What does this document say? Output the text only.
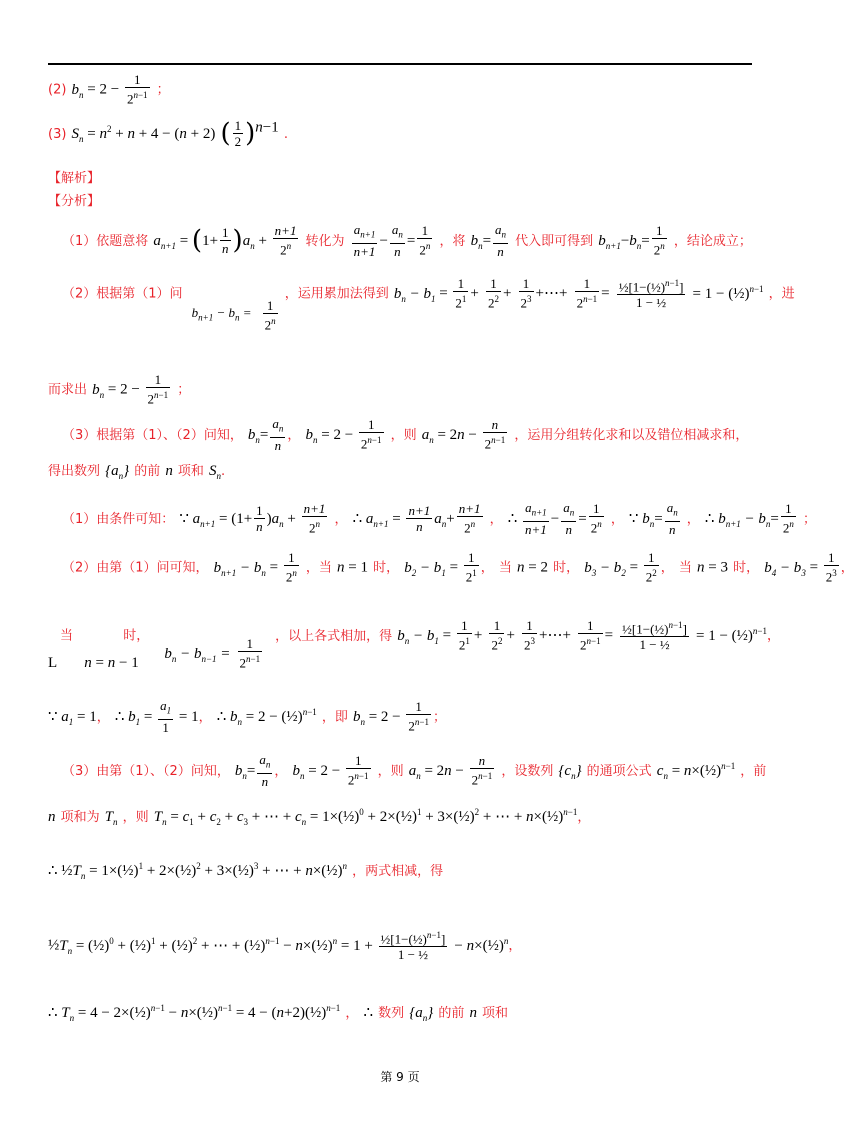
(2) $b_n = 2 - \frac{1}{2^{n-1}}$ ；
(3) $S_n = n^2 + n + 4 - (n + 2)$ ( $\frac{1}{2} )^{n-1}$ .
【解析】
【分析】
（1）依题意将 $a_{n+1} = (1+ \frac{1}{n} )a_n + \frac{n+1}{2^n}$ 转化为 $\frac{a_{n+1}}{n+1} - \frac{a_n}{n} = \frac{1}{2^n}$ ，将 $b_n= \frac{a_n}{n}$ 代入即可得到 $b_{n+1}-b_n= \frac{1}{2^n}$ ，结论成立；
（2）根据第（1）问
$b_{n+1} - b_n$ =
$\frac{1}{2^n}$
，运用累加法得到 $b_n - b_1 = \frac{1}{2^1} + \frac{1}{2^2} + \frac{1}{2^3}$ +⋯+ $\frac{1}{2^{n-1}} = \frac{\frac{1}{2}[1-(\frac{1}{2})^{n-1}]}{\text{1 − ½}} = 1$ − (½)$^{n-1}$ ，进
而求出 $b_n = 2 - \frac{1}{2^{n-1}}$ ；
（3）根据第（1）、（2）问知， $b_n= \frac{a_n}{n}$ ， $b_n = 2 - \frac{1}{2^{n-1}}$ ，则 $a_n = 2n - \frac{n}{2^{n-1}}$ ，运用分组转化求和以及错位相减求和，
得出数列 $\{a_n\}$ 的前 n 项和 $S_n$.
（1）由条件可知： ∵ $a_{n+1} = (1+ \frac{1}{n} )a_n + \frac{n+1}{2^n}$ ， ∴ $a_{n+1} = \frac{n+1}{n} a_n+ \frac{n+1}{2^n}$ ， ∴ $\frac{a_{n+1}}{n+1} - \frac{a_n}{n} = \frac{1}{2^n}$ ， ∵ $b_n= \frac{a_n}{n}$ ， ∴ $b_{n+1} - b_n= \frac{1}{2^n}$ ；
（2）由第（1）问可知， $b_{n+1} - b_n = \frac{1}{2^n}$ ，当 n = 1 时， $b_2 - b_1 = \frac{1}{2^1}$ ， 当 n = 2 时， $b_3 - b_2 = \frac{1}{2^2}$ ， 当 n = 3 时， $b_4 - b_3 = \frac{1}{2^3}$ ，
当	时， $b_n - b_{n-1} = \frac{1}{2^{n-1}}$ ，以上各式相加，得 $b_n - b_1 = \frac{1}{2^1} + \frac{1}{2^2} + \frac{1}{2^3}$ +⋯+ $\frac{1}{2^{n-1}} = \frac{\frac{1}{2}[1-(\frac{1}{2})^{n-1}]}{\text{1 − ½}} = 1$ − (½)$^{n-1}$，
L n = n − 1
∵ $a_1 = 1$， ∴ $b_1 = \frac{a_1}{1} = 1$， ∴ $b_n = 2$ − (½)$^{n-1}$ ，即 $b_n = 2 - \frac{1}{2^{n-1}}$ ；
（3）由第（1）、（2）问知， $b_n= \frac{a_n}{n}$ ， $b_n = 2 - \frac{1}{2^{n-1}}$ ，则 $a_n = 2n - \frac{n}{2^{n-1}}$ ，设数列 $\{c_n\}$ 的通项公式 $c_n$ = n×(½)$^{n-1}$ ，前
n 项和为 $T_n$ ，则 $T_n = c_1 + c_2 + c_3$ + ⋯ + $c_n$ = 1×(½)$^0$ + 2×(½)$^1$ + 3×(½)$^2$ + ⋯ + n×(½)$^{n-1}$，
∴ $\frac{1}{2}T_n$ = 1×(½)$^1$ + 2×(½)$^2$ + 3×(½)$^3$ + ⋯ + n×(½)$^n$ ，两式相减，得
$\frac{1}{2}T_n$ = (½)$^0$ + (½)$^1$ + (½)$^2$ + ⋯ + (½)$^{n-1}$ − n×(½)$^n$ = $1 + \frac{\frac{1}{2}[1-(\frac{1}{2})^{n-1}]}{\text{1 − ½}}$ − n×(½)$^n$，
∴ $T_n = 4$ − 2×(½)$^{n-1}$ − n×(½)$^{n-1}$ = 4 − (n+2)(½)$^{n-1}$ ， ∴ 数列 $\{a_n\}$ 的前 n 项和
第 9 页
